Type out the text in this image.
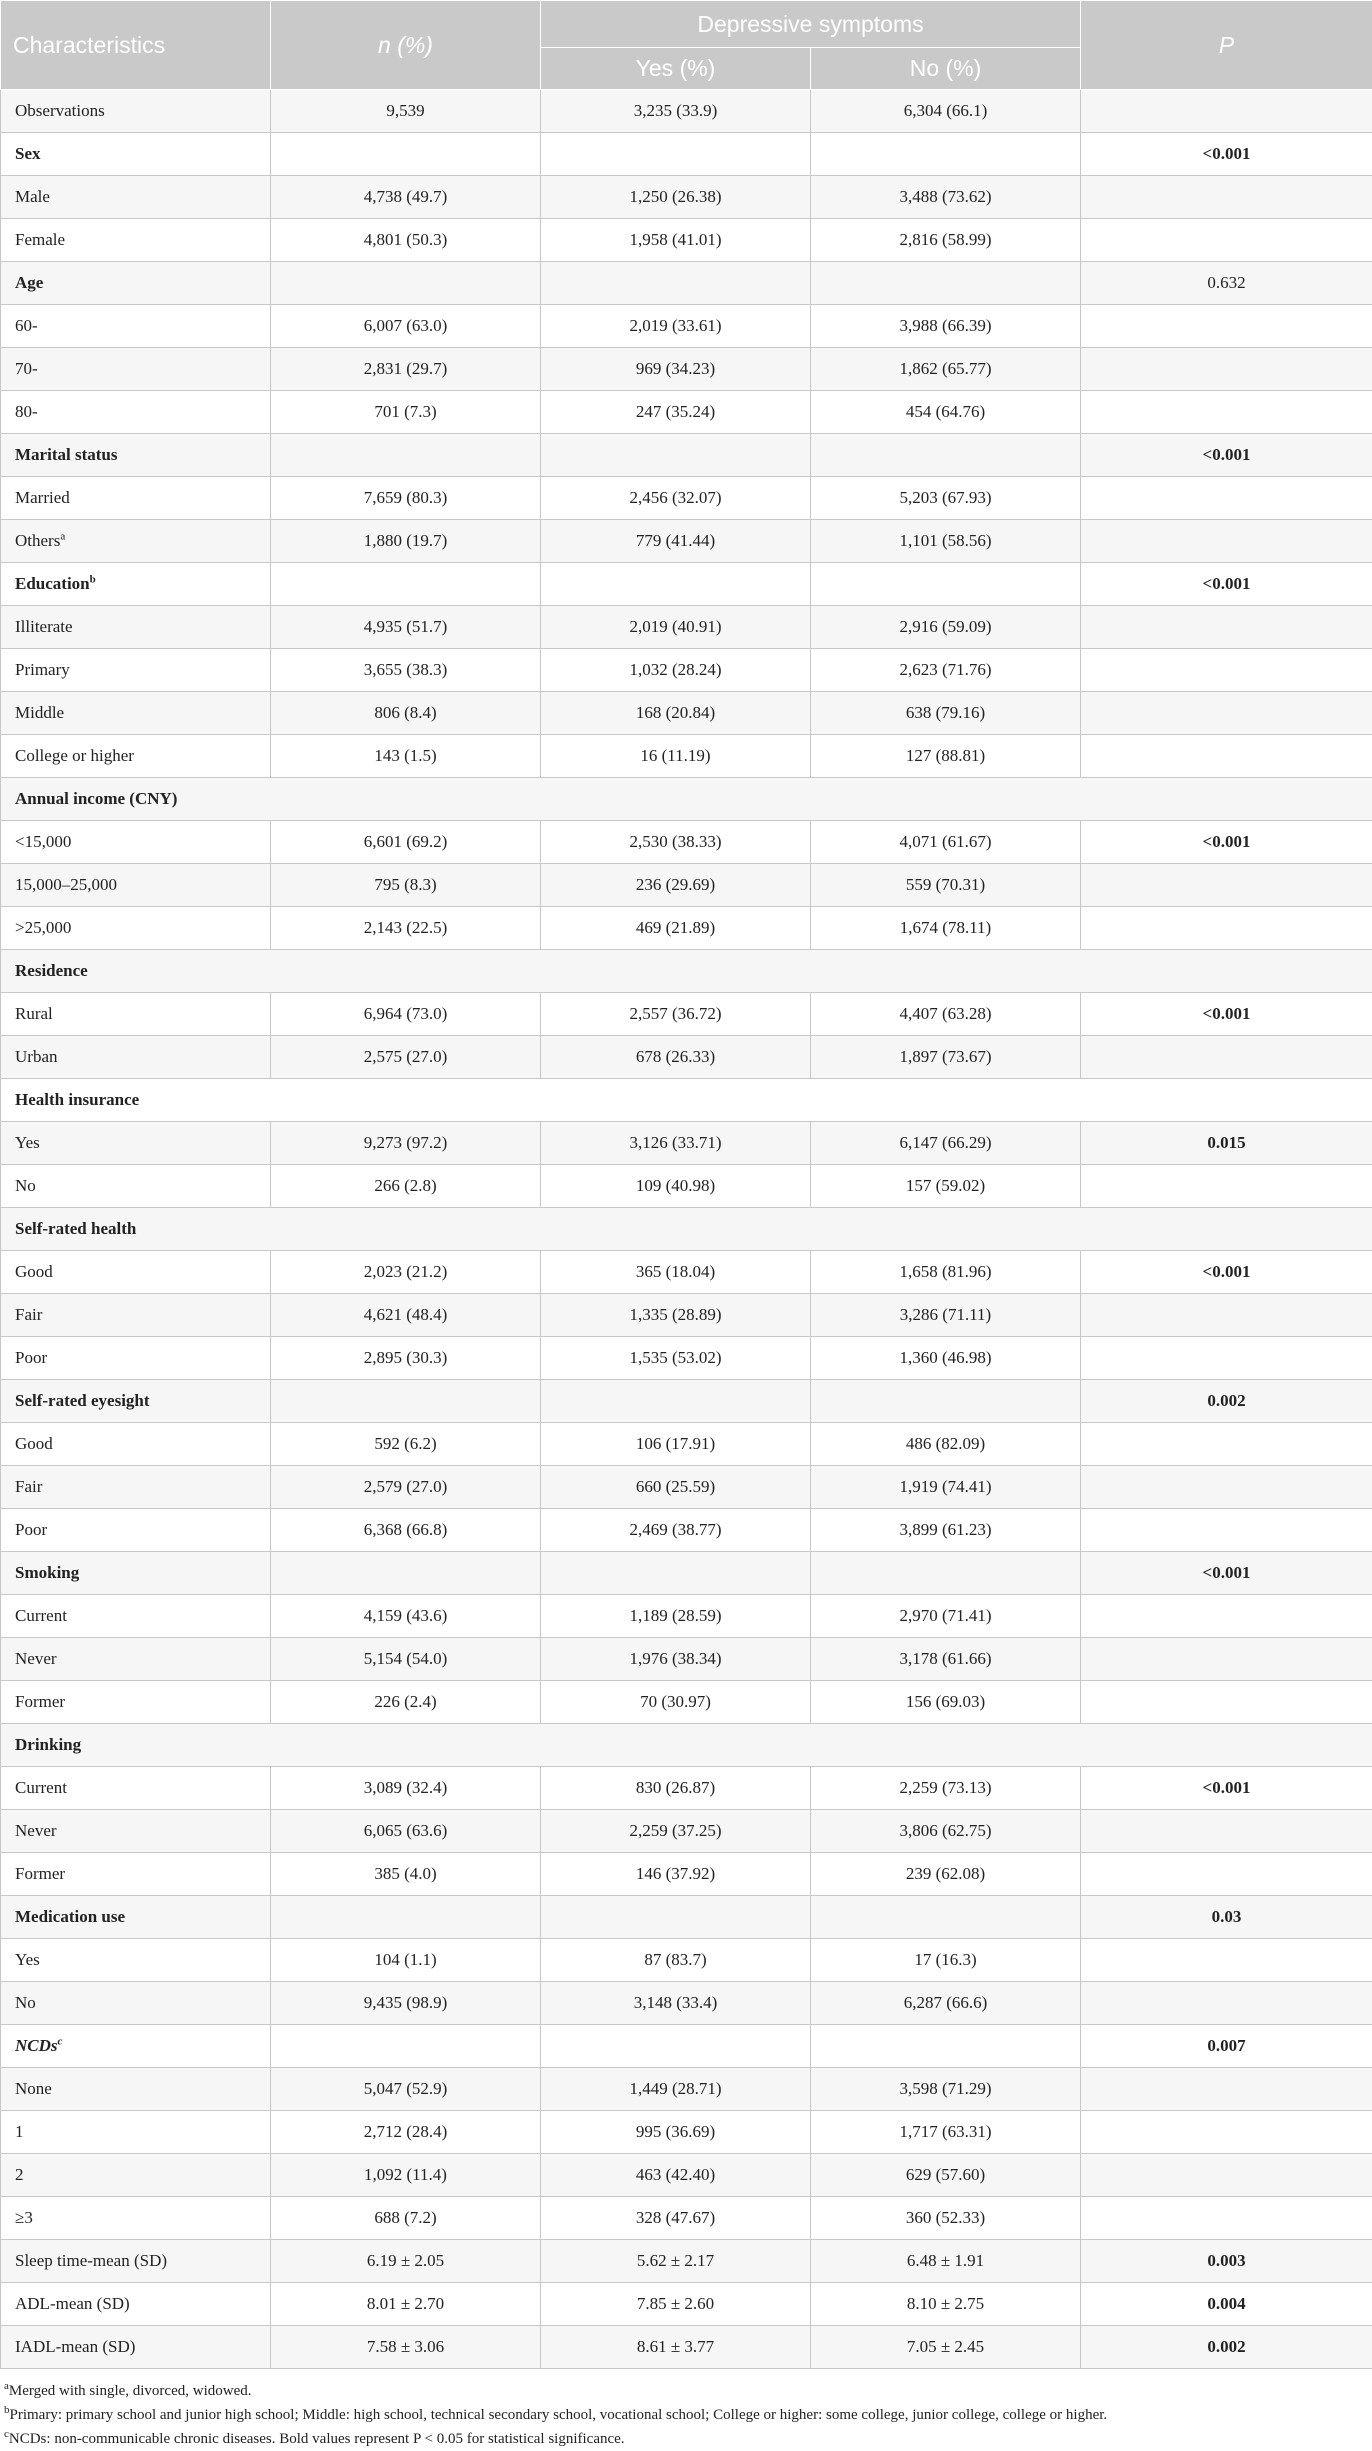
Characteristics	n (%)	Depressive symptoms		P
		Yes (%)	No (%)	
Observations	9,539	3,235 (33.9)	6,304 (66.1)	
Sex				<0.001
Male	4,738 (49.7)	1,250 (26.38)	3,488 (73.62)	
Female	4,801 (50.3)	1,958 (41.01)	2,816 (58.99)	
Age				0.632
60-	6,007 (63.0)	2,019 (33.61)	3,988 (66.39)	
70-	2,831 (29.7)	969 (34.23)	1,862 (65.77)	
80-	701 (7.3)	247 (35.24)	454 (64.76)	
Marital status				<0.001
Married	7,659 (80.3)	2,456 (32.07)	5,203 (67.93)	
Others$^a$	1,880 (19.7)	779 (41.44)	1,101 (58.56)	
Education$^b$				<0.001
Illiterate	4,935 (51.7)	2,019 (40.91)	2,916 (59.09)	
Primary	3,655 (38.3)	1,032 (28.24)	2,623 (71.76)	
Middle	806 (8.4)	168 (20.84)	638 (79.16)	
College or higher	143 (1.5)	16 (11.19)	127 (88.81)	
Annual income (CNY)				
<15,000	6,601 (69.2)	2,530 (38.33)	4,071 (61.67)	<0.001
15,000–25,000	795 (8.3)	236 (29.69)	559 (70.31)	
>25,000	2,143 (22.5)	469 (21.89)	1,674 (78.11)	
Residence				
Rural	6,964 (73.0)	2,557 (36.72)	4,407 (63.28)	<0.001
Urban	2,575 (27.0)	678 (26.33)	1,897 (73.67)	
Health insurance				
Yes	9,273 (97.2)	3,126 (33.71)	6,147 (66.29)	0.015
No	266 (2.8)	109 (40.98)	157 (59.02)	
Self-rated health				
Good	2,023 (21.2)	365 (18.04)	1,658 (81.96)	<0.001
Fair	4,621 (48.4)	1,335 (28.89)	3,286 (71.11)	
Poor	2,895 (30.3)	1,535 (53.02)	1,360 (46.98)	
Self-rated eyesight				0.002
Good	592 (6.2)	106 (17.91)	486 (82.09)	
Fair	2,579 (27.0)	660 (25.59)	1,919 (74.41)	
Poor	6,368 (66.8)	2,469 (38.77)	3,899 (61.23)	
Smoking				<0.001
Current	4,159 (43.6)	1,189 (28.59)	2,970 (71.41)	
Never	5,154 (54.0)	1,976 (38.34)	3,178 (61.66)	
Former	226 (2.4)	70 (30.97)	156 (69.03)	
Drinking				
Current	3,089 (32.4)	830 (26.87)	2,259 (73.13)	<0.001
Never	6,065 (63.6)	2,259 (37.25)	3,806 (62.75)	
Former	385 (4.0)	146 (37.92)	239 (62.08)	
Medication use				0.03
Yes	104 (1.1)	87 (83.7)	17 (16.3)	
No	9,435 (98.9)	3,148 (33.4)	6,287 (66.6)	
NCDs$^c$				0.007
None	5,047 (52.9)	1,449 (28.71)	3,598 (71.29)	
1	2,712 (28.4)	995 (36.69)	1,717 (63.31)	
2	1,092 (11.4)	463 (42.40)	629 (57.60)	
≥3	688 (7.2)	328 (47.67)	360 (52.33)	
Sleep time-mean (SD)	6.19 ± 2.05	5.62 ± 2.17	6.48 ± 1.91	0.003
ADL-mean (SD)	8.01 ± 2.70	7.85 ± 2.60	8.10 ± 2.75	0.004
IADL-mean (SD)	7.58 ± 3.06	8.61 ± 3.77	7.05 ± 2.45	0.002
$^a$Merged with single, divorced, widowed.
$^b$Primary: primary school and junior high school; Middle: high school, technical secondary school, vocational school; College or higher: some college, junior college, college or higher.
$^c$NCDs: non-communicable chronic diseases. Bold values represent P < 0.05 for statistical significance.
